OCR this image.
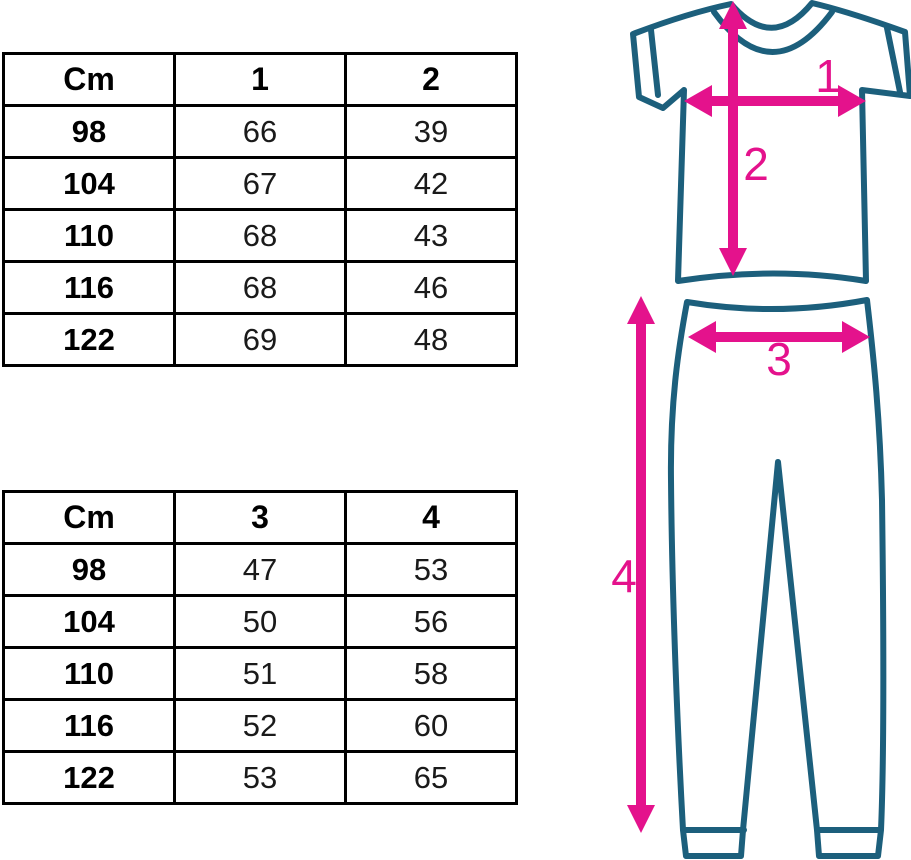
Cm	1	2
98	66	39
104	67	42
110	68	43
116	68	46
122	69	48
Cm	3	4
98	47	53
104	50	56
110	51	58
116	52	60
122	53	65
1
2
3
4
